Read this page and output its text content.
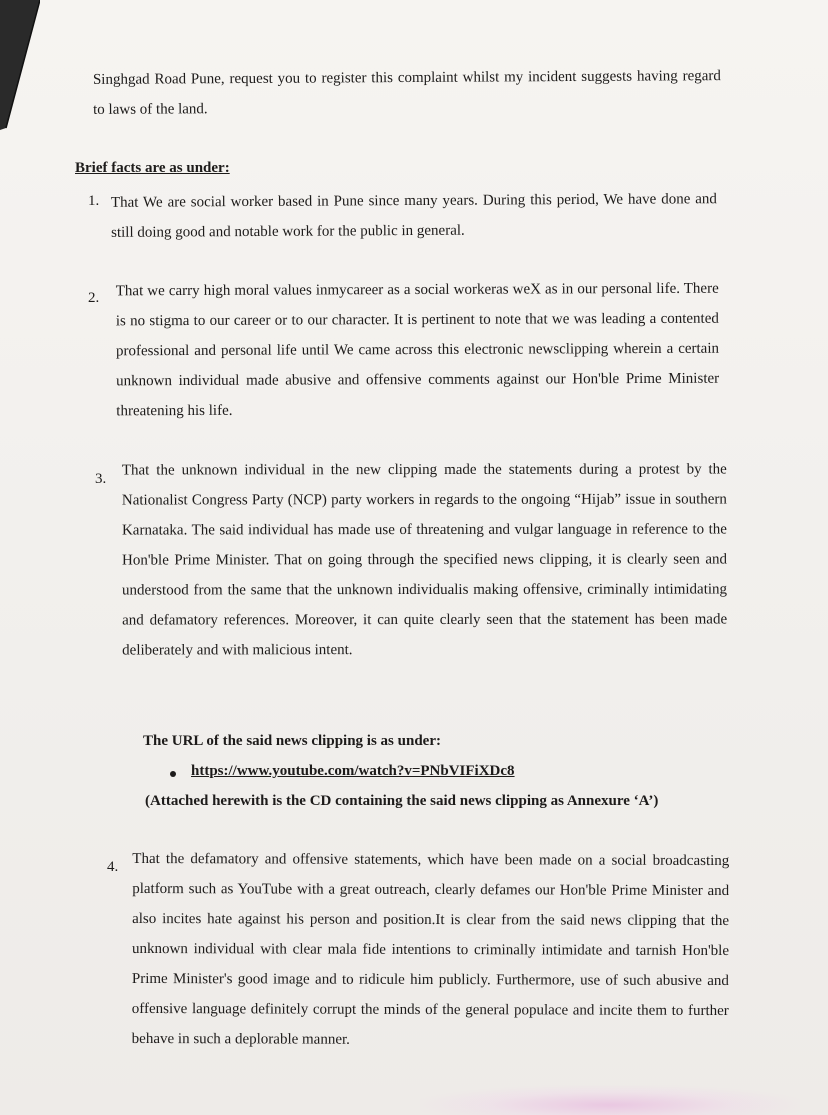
Singhgad Road Pune, request you to register this complaint whilst my incident suggests having regard to laws of the land.

Brief facts are as under:

1. That We are social worker based in Pune since many years. During this period, We have done and still doing good and notable work for the public in general.

2. That we carry high moral values inmycareer as a social workeras weX as in our personal life. There is no stigma to our career or to our character. It is pertinent to note that we was leading a contented professional and personal life until We came across this electronic newsclipping wherein a certain unknown individual made abusive and offensive comments against our Hon'ble Prime Minister threatening his life.

3.

That the unknown individual in the new clipping made the statements during a protest by the Nationalist Congress Party (NCP) party workers in regards to the ongoing “Hijab” issue in southern Karnataka. The said individual has made use of threatening and vulgar language in reference to the Hon'ble Prime Minister. That on going through the specified news clipping, it is clearly seen and understood from the same that the unknown individualis making offensive, criminally intimidating and defamatory references. Moreover, it can quite clearly seen that the statement has been made deliberately and with malicious intent.

The URL of the said news clipping is as under:

https://www.youtube.com/watch?v=PNbVIFiXDc8

(Attached herewith is the CD containing the said news clipping as Annexure ‘A’)

4. That the defamatory and offensive statements, which have been made on a social broadcasting platform such as YouTube with a great outreach, clearly defames our Hon'ble Prime Minister and also incites hate against his person and position.It is clear from the said news clipping that the unknown individual with clear mala fide intentions to criminally intimidate and tarnish Hon'ble Prime Minister's good image and to ridicule him publicly. Furthermore, use of such abusive and offensive language definitely corrupt the minds of the general populace and incite them to further behave in such a deplorable manner.
